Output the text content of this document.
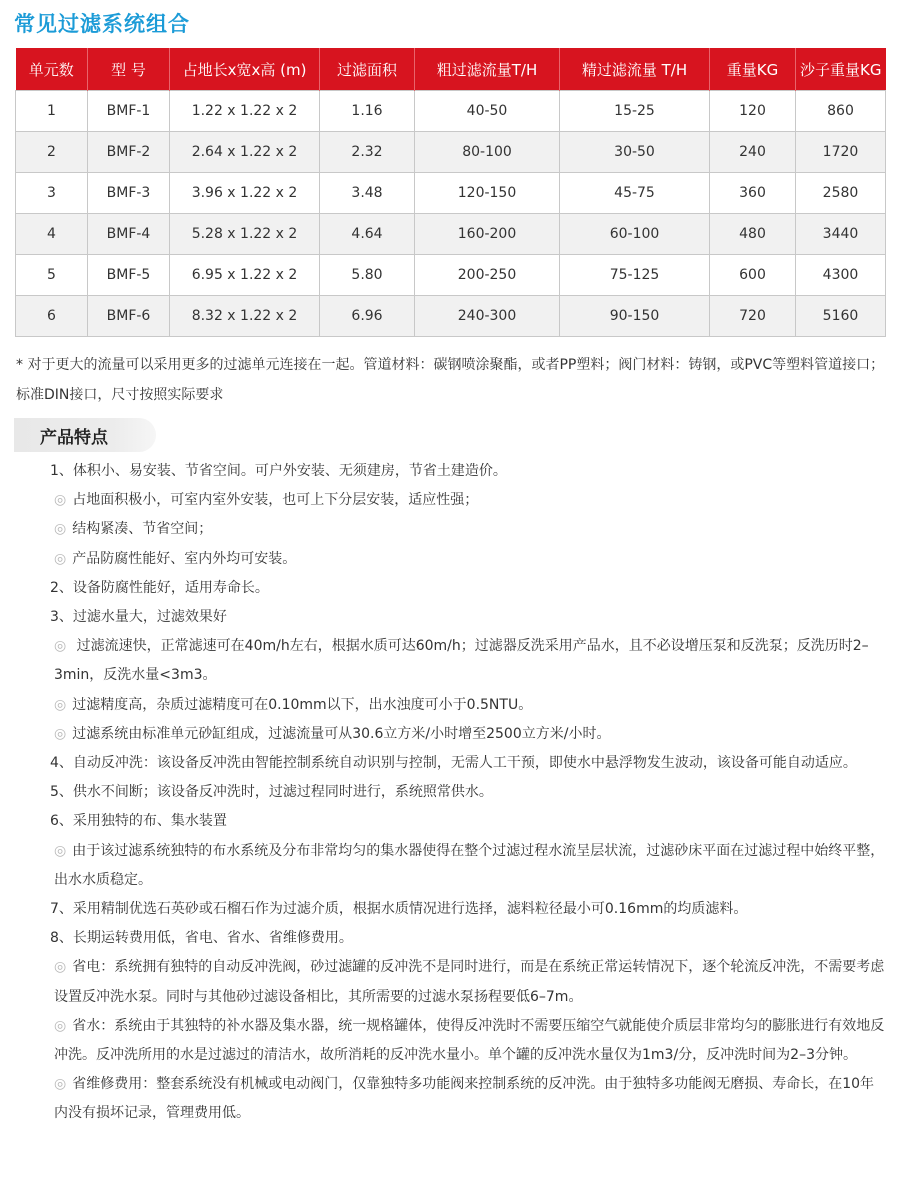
常见过滤系统组合
单元数	型 号	占地长x宽x高 (m)	过滤面积	粗过滤流量T/H	精过滤流量 T/H	重量KG	沙子重量KG
1	BMF-1	1.22 x 1.22 x 2	1.16	40-50	15-25	120	860
2	BMF-2	2.64 x 1.22 x 2	2.32	80-100	30-50	240	1720
3	BMF-3	3.96 x 1.22 x 2	3.48	120-150	45-75	360	2580
4	BMF-4	5.28 x 1.22 x 2	4.64	160-200	60-100	480	3440
5	BMF-5	6.95 x 1.22 x 2	5.80	200-250	75-125	600	4300
6	BMF-6	8.32 x 1.22 x 2	6.96	240-300	90-150	720	5160
* 对于更大的流量可以采用更多的过滤单元连接在一起。管道材料：碳钢喷涂聚酯，或者PP塑料；阀门材料：铸钢，或PVC等塑料管道接口；标准DIN接口，尺寸按照实际要求
产品特点

1、体积小、易安装、节省空间。可户外安装、无须建房，节省土建造价。

◎ 占地面积极小，可室内室外安装，也可上下分层安装，适应性强；

◎ 结构紧凑、节省空间；

◎ 产品防腐性能好、室内外均可安装。

2、设备防腐性能好，适用寿命长。

3、过滤水量大，过滤效果好

◎ 过滤流速快，正常滤速可在40m/h左右，根据水质可达60m/h；过滤器反洗采用产品水，且不必设增压泵和反洗泵；反洗历时2–3min，反洗水量<3m3。

◎ 过滤精度高，杂质过滤精度可在0.10mm以下，出水浊度可小于0.5NTU。

◎ 过滤系统由标准单元砂缸组成，过滤流量可从30.6立方米/小时增至2500立方米/小时。

4、自动反冲洗：该设备反冲洗由智能控制系统自动识别与控制，无需人工干预，即使水中悬浮物发生波动，该设备可能自动适应。

5、供水不间断；该设备反冲洗时，过滤过程同时进行，系统照常供水。

6、采用独特的布、集水装置

◎ 由于该过滤系统独特的布水系统及分布非常均匀的集水器使得在整个过滤过程水流呈层状流，过滤砂床平面在过滤过程中始终平整，出水水质稳定。

7、采用精制优选石英砂或石榴石作为过滤介质，根据水质情况进行选择，滤料粒径最小可0.16mm的均质滤料。

8、长期运转费用低，省电、省水、省维修费用。

◎ 省电：系统拥有独特的自动反冲洗阀，砂过滤罐的反冲洗不是同时进行，而是在系统正常运转情况下，逐个轮流反冲洗，不需要考虑设置反冲洗水泵。同时与其他砂过滤设备相比，其所需要的过滤水泵扬程要低6–7m。

◎ 省水：系统由于其独特的补水器及集水器，统一规格罐体，使得反冲洗时不需要压缩空气就能使介质层非常均匀的膨胀进行有效地反冲洗。反冲洗所用的水是过滤过的清洁水，故所消耗的反冲洗水量小。单个罐的反冲洗水量仅为1m3/分，反冲洗时间为2–3分钟。

◎ 省维修费用：整套系统没有机械或电动阀门，仅靠独特多功能阀来控制系统的反冲洗。由于独特多功能阀无磨损、寿命长，在10年内没有损坏记录，管理费用低。
